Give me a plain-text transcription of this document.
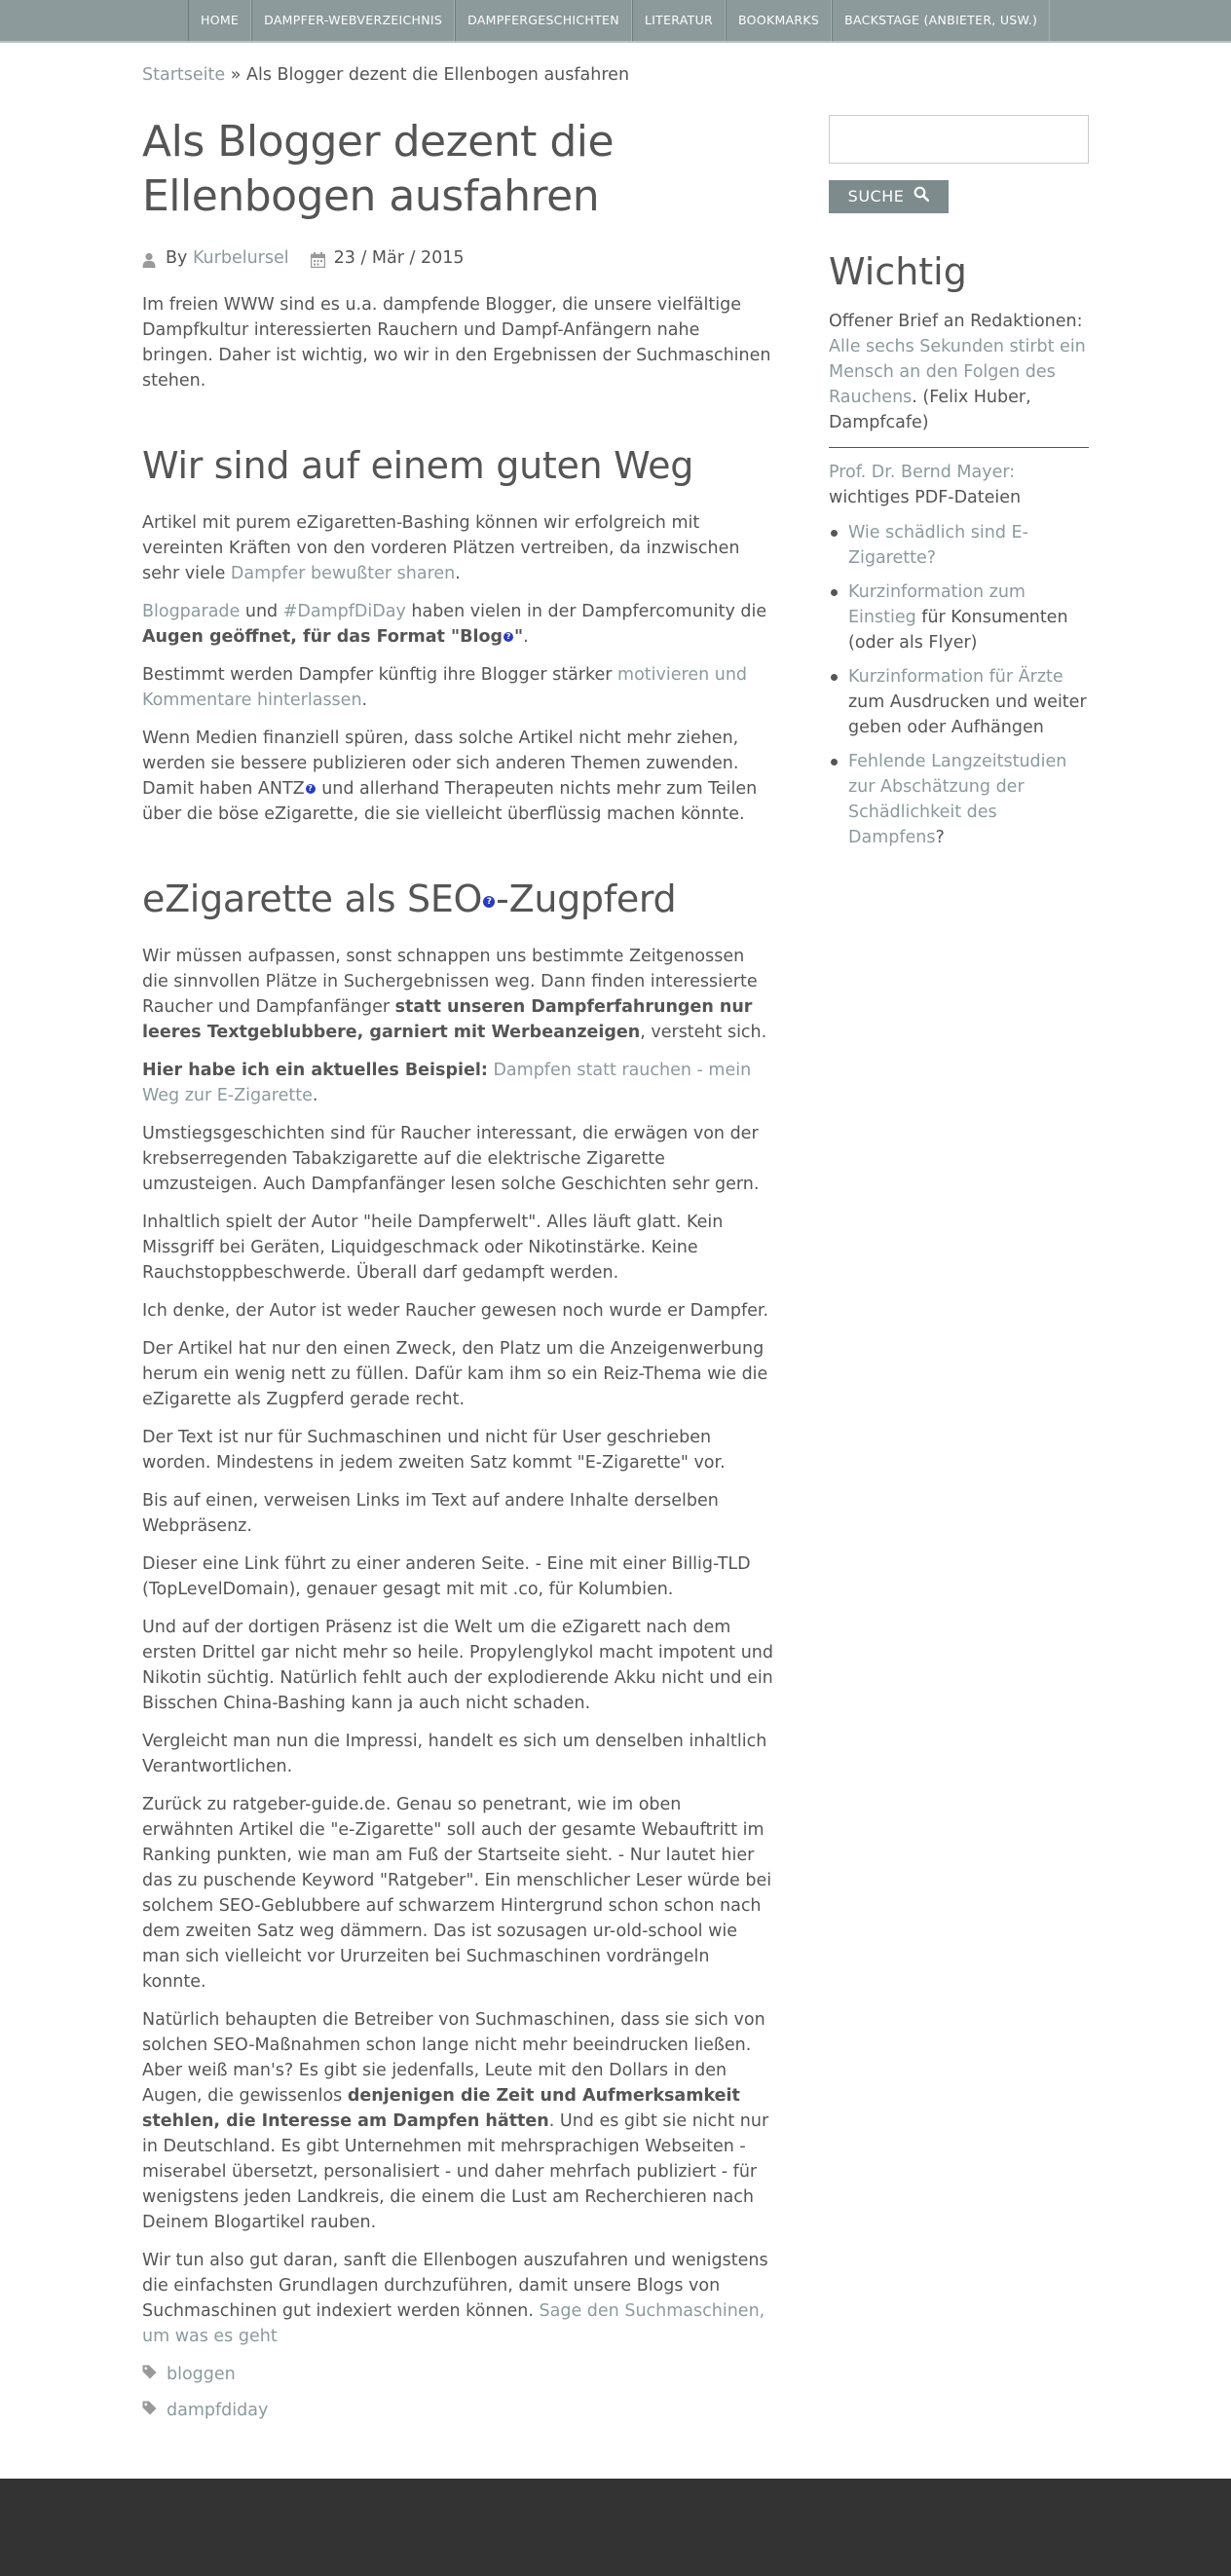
HOME	DAMPFER-WEBVERZEICHNIS	DAMPFERGESCHICHTEN	LITERATUR	BOOKMARKS	BACKSTAGE (ANBIETER, USW.)
Startseite » Als Blogger dezent die Ellenbogen ausfahren
Als Blogger dezent die Ellenbogen ausfahren
By
Kurbelursel	23 / Mär / 2015

Im freien WWW sind es u.a. dampfende Blogger, die unsere vielfältige Dampfkultur interessierten Rauchern und Dampf-Anfängern nahe bringen. Daher ist wichtig, wo wir in den Ergebnissen der Suchmaschinen stehen.

Wir sind auf einem guten Weg

Artikel mit purem eZigaretten-Bashing können wir erfolgreich mit vereinten Kräften von den vorderen Plätzen vertreiben, da inzwischen sehr viele Dampfer bewußter sharen.

Blogparade und #DampfDiDay haben vielen in der Dampfercomunity die Augen geöffnet, für das Format "Blog ? ".

Bestimmt werden Dampfer künftig ihre Blogger stärker motivieren und Kommentare hinterlassen.

Wenn Medien finanziell spüren, dass solche Artikel nicht mehr ziehen, werden sie bessere publizieren oder sich anderen Themen zuwenden. Damit haben ANTZ ? und allerhand Therapeuten nichts mehr zum Teilen über die böse eZigarette, die sie vielleicht überflüssig machen könnte.

eZigarette als SEO ? -Zugpferd

Wir müssen aufpassen, sonst schnappen uns bestimmte Zeitgenossen die sinnvollen Plätze in Suchergebnissen weg. Dann finden interessierte Raucher und Dampfanfänger statt unseren Dampferfahrungen nur leeres Textgeblubbere, garniert mit Werbeanzeigen, versteht sich.

Hier habe ich ein aktuelles Beispiel: Dampfen statt rauchen - mein Weg zur E-Zigarette.

Umstiegsgeschichten sind für Raucher interessant, die erwägen von der krebserregenden Tabakzigarette auf die elektrische Zigarette umzusteigen. Auch Dampfanfänger lesen solche Geschichten sehr gern.

Inhaltlich spielt der Autor "heile Dampferwelt". Alles läuft glatt. Kein Missgriff bei Geräten, Liquidgeschmack oder Nikotinstärke. Keine Rauchstoppbeschwerde. Überall darf gedampft werden.

Ich denke, der Autor ist weder Raucher gewesen noch wurde er Dampfer.

Der Artikel hat nur den einen Zweck, den Platz um die Anzeigenwerbung herum ein wenig nett zu füllen. Dafür kam ihm so ein Reiz-Thema wie die eZigarette als Zugpferd gerade recht.

Der Text ist nur für Suchmaschinen und nicht für User geschrieben worden. Mindestens in jedem zweiten Satz kommt "E-Zigarette" vor.

Bis auf einen, verweisen Links im Text auf andere Inhalte derselben Webpräsenz.

Dieser eine Link führt zu einer anderen Seite. - Eine mit einer Billig-TLD (TopLevelDomain), genauer gesagt mit mit .co, für Kolumbien.

Und auf der dortigen Präsenz ist die Welt um die eZigarett nach dem ersten Drittel gar nicht mehr so heile. Propylenglykol macht impotent und Nikotin süchtig. Natürlich fehlt auch der explodierende Akku nicht und ein Bisschen China-Bashing kann ja auch nicht schaden.

Vergleicht man nun die Impressi, handelt es sich um denselben inhaltlich Verantwortlichen.

Zurück zu ratgeber-guide.de. Genau so penetrant, wie im oben erwähnten Artikel die "e-Zigarette" soll auch der gesamte Webauftritt im Ranking punkten, wie man am Fuß der Startseite sieht. - Nur lautet hier das zu puschende Keyword "Ratgeber". Ein menschlicher Leser würde bei solchem SEO-Geblubbere auf schwarzem Hintergrund schon schon nach dem zweiten Satz weg dämmern. Das ist sozusagen ur-old-school wie man sich vielleicht vor Ururzeiten bei Suchmaschinen vordrängeln konnte.

Natürlich behaupten die Betreiber von Suchmaschinen, dass sie sich von solchen SEO-Maßnahmen schon lange nicht mehr beeindrucken ließen. Aber weiß man's? Es gibt sie jedenfalls, Leute mit den Dollars in den Augen, die gewissenlos denjenigen die Zeit und Aufmerksamkeit stehlen, die Interesse am Dampfen hätten. Und es gibt sie nicht nur in Deutschland. Es gibt Unternehmen mit mehrsprachigen Webseiten - miserabel übersetzt, personalisiert - und daher mehrfach publiziert - für wenigstens jeden Landkreis, die einem die Lust am Recherchieren nach Deinem Blogartikel rauben.

Wir tun also gut daran, sanft die Ellenbogen auszufahren und wenigstens die einfachsten Grundlagen durchzuführen, damit unsere Blogs von Suchmaschinen gut indexiert werden können. Sage den Suchmaschinen, um was es geht

bloggen
dampfdiday
SUCHE
Wichtig
Offener Brief an Redaktionen:
Alle sechs Sekunden stirbt ein Mensch an den Folgen des Rauchens. (Felix Huber, Dampfcafe)
Prof. Dr. Bernd Mayer:
wichtiges PDF-Dateien
Wie schädlich sind E-Zigarette?
Kurzinformation zum Einstieg für Konsumenten (oder als Flyer)
Kurzinformation für Ärzte zum Ausdrucken und weiter geben oder Aufhängen
Fehlende Langzeitstudien zur Abschätzung der Schädlichkeit des Dampfens?
